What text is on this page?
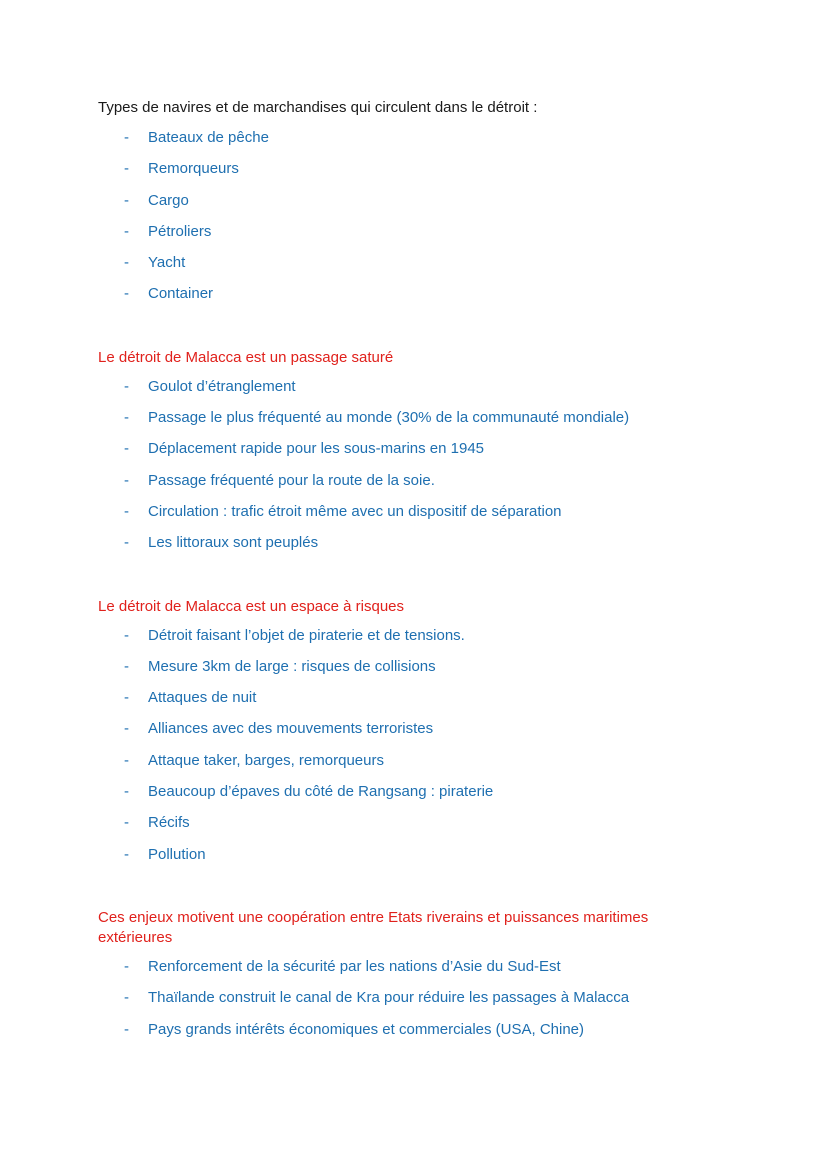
Types de navires et de marchandises qui circulent dans le détroit :

- Bateaux de pêche
- Remorqueurs
- Cargo
- Pétroliers
- Yacht
- Container
Le détroit de Malacca est un passage saturé
- Goulot d’étranglement
- Passage le plus fréquenté au monde (30% de la communauté mondiale)
- Déplacement rapide pour les sous-marins en 1945
- Passage fréquenté pour la route de la soie.
- Circulation : trafic étroit même avec un dispositif de séparation
- Les littoraux sont peuplés
Le détroit de Malacca est un espace à risques
- Détroit faisant l’objet de piraterie et de tensions.
- Mesure 3km de large : risques de collisions
- Attaques de nuit
- Alliances avec des mouvements terroristes
- Attaque taker, barges, remorqueurs
- Beaucoup d’épaves du côté de Rangsang : piraterie
- Récifs
- Pollution
Ces enjeux motivent une coopération entre Etats riverains et puissances maritimes extérieures
- Renforcement de la sécurité par les nations d’Asie du Sud-Est
- Thaïlande construit le canal de Kra pour réduire les passages à Malacca
- Pays grands intérêts économiques et commerciales (USA, Chine)
